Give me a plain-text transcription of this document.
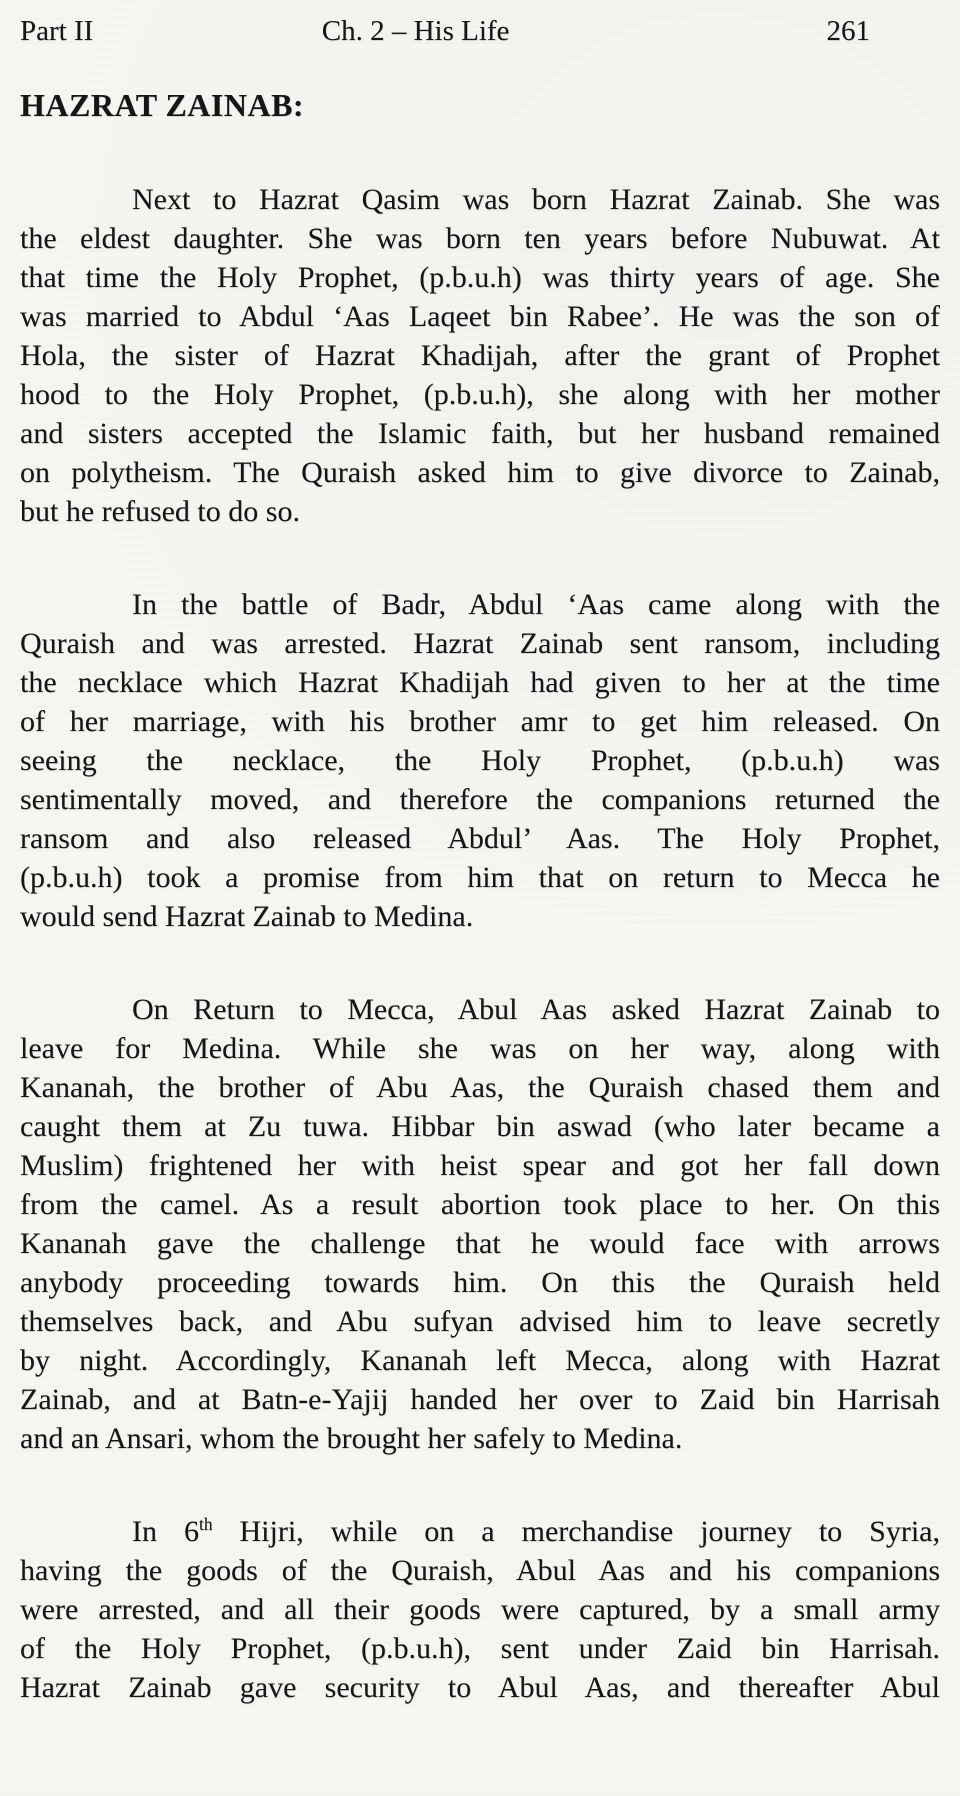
Part II	Ch. 2 – His Life	261
HAZRAT ZAINAB:
Next to Hazrat Qasim was born Hazrat Zainab. She was
the eldest daughter. She was born ten years before Nubuwat. At
that time the Holy Prophet, (p.b.u.h) was thirty years of age. She
was married to Abdul ‘Aas Laqeet bin Rabee’. He was the son of
Hola, the sister of Hazrat Khadijah, after the grant of Prophet
hood to the Holy Prophet, (p.b.u.h), she along with her mother
and sisters accepted the Islamic faith, but her husband remained
on polytheism. The Quraish asked him to give divorce to Zainab,
but he refused to do so.
In the battle of Badr, Abdul ‘Aas came along with the
Quraish and was arrested. Hazrat Zainab sent ransom, including
the necklace which Hazrat Khadijah had given to her at the time
of her marriage, with his brother amr to get him released. On
seeing the necklace, the Holy Prophet, (p.b.u.h) was
sentimentally moved, and therefore the companions returned the
ransom and also released Abdul’ Aas. The Holy Prophet,
(p.b.u.h) took a promise from him that on return to Mecca he
would send Hazrat Zainab to Medina.
On Return to Mecca, Abul Aas asked Hazrat Zainab to
leave for Medina. While she was on her way, along with
Kananah, the brother of Abu Aas, the Quraish chased them and
caught them at Zu tuwa. Hibbar bin aswad (who later became a
Muslim) frightened her with heist spear and got her fall down
from the camel. As a result abortion took place to her. On this
Kananah gave the challenge that he would face with arrows
anybody proceeding towards him. On this the Quraish held
themselves back, and Abu sufyan advised him to leave secretly
by night. Accordingly, Kananah left Mecca, along with Hazrat
Zainab, and at Batn-e-Yajij handed her over to Zaid bin Harrisah
and an Ansari, whom the brought her safely to Medina.
In 6th Hijri, while on a merchandise journey to Syria,
having the goods of the Quraish, Abul Aas and his companions
were arrested, and all their goods were captured, by a small army
of the Holy Prophet, (p.b.u.h), sent under Zaid bin Harrisah.
Hazrat Zainab gave security to Abul Aas, and thereafter Abul
